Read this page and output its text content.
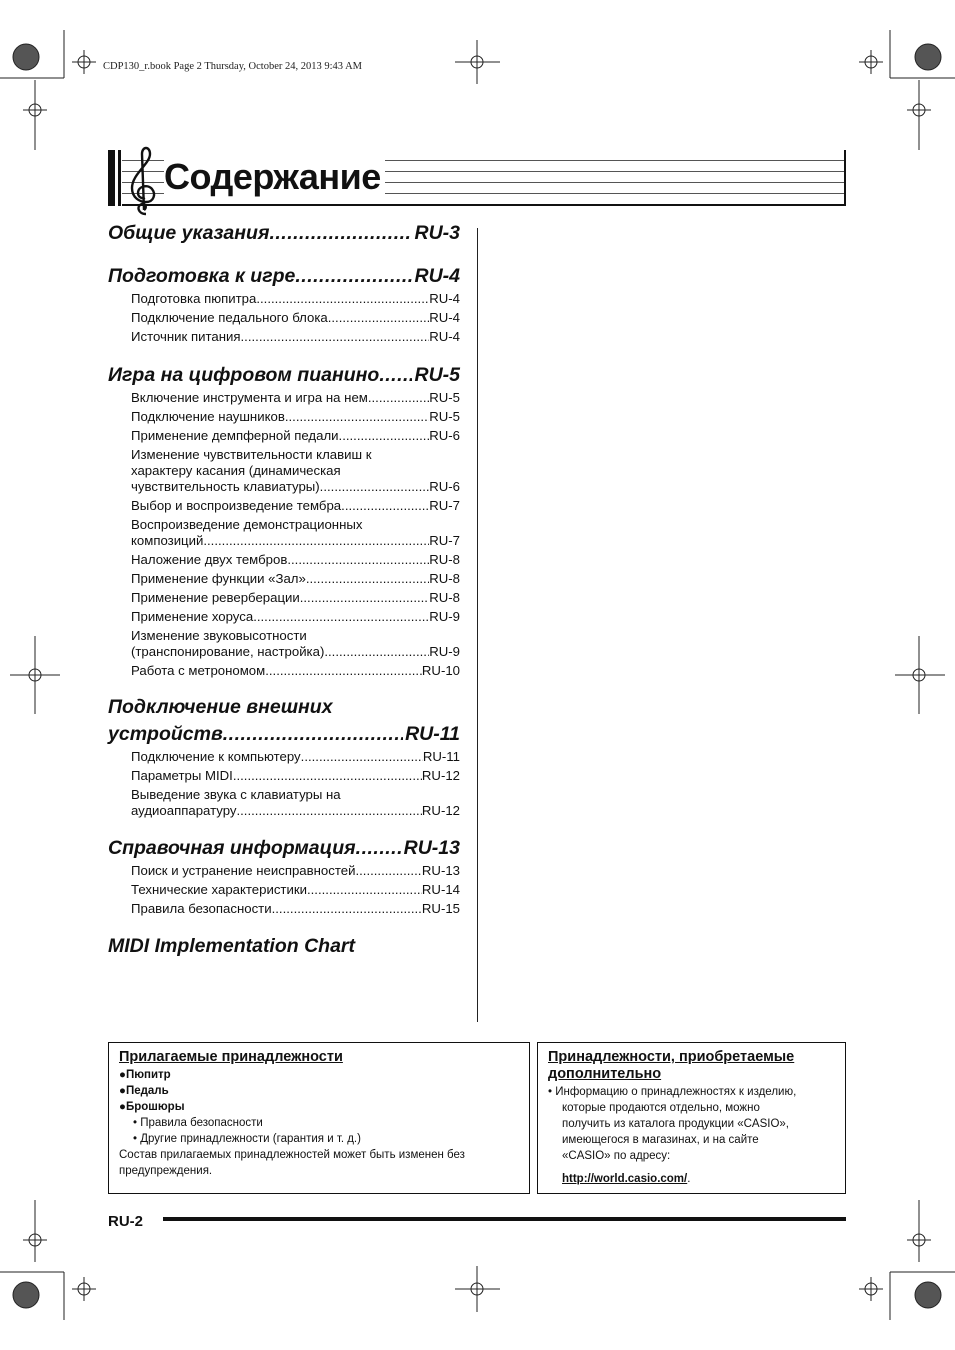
CDP130_r.book Page 2 Thursday, October 24, 2013 9:43 AM
Содержание
Общие указания .....	RU-3
Подготовка к игре .....	RU-4
Подготовка пюпитра .....	RU-4
Подключение педального блока .....	RU-4
Источник питания .....	RU-4
Игра на цифровом пианино ..... RU-5
Включение инструмента и игра на нем .....	RU-5
Подключение наушников .....	RU-5
Применение демпферной педали .....	RU-6
Изменение чувствительности клавиш к
характеру касания (динамическая
чувствительность клавиатуры) .....	RU-6
Выбор и воспроизведение тембра .....	RU-7
Воспроизведение демонстрационных
композиций .....	RU-7
Наложение двух тембров .....	RU-8
Применение функции «Зал» .....	RU-8
Применение реверберации .....	RU-8
Применение хоруса .....	RU-9
Изменение звуковысотности
(транспонирование, настройка) .....	RU-9
Работа с метрономом .....	RU-10
Подключение внешних
устройств .....	RU-11
Подключение к компьютеру .....	RU-11
Параметры MIDI .....	RU-12
Выведение звука с клавиатуры на
аудиоаппаратуру .....	RU-12
Справочная информация ..... RU-13
Поиск и устранение неисправностей .....	RU-13
Технические характеристики .....	RU-14
Правила безопасности .....	RU-15
MIDI Implementation Chart
Прилагаемые принадлежности
●Пюпитр
●Педаль
●Брошюры
• Правила безопасности
• Другие принадлежности (гарантия и т. д.)
Состав прилагаемых принадлежностей может быть изменен без
предупреждения.
Принадлежности, приобретаемые
дополнительно
• Информацию о принадлежностях к изделию,
которые продаются отдельно, можно
получить из каталога продукции «CASIO»,
имеющегося в магазинах, и на сайте
«CASIO» по адресу:
http://world.casio.com/.
RU-2
